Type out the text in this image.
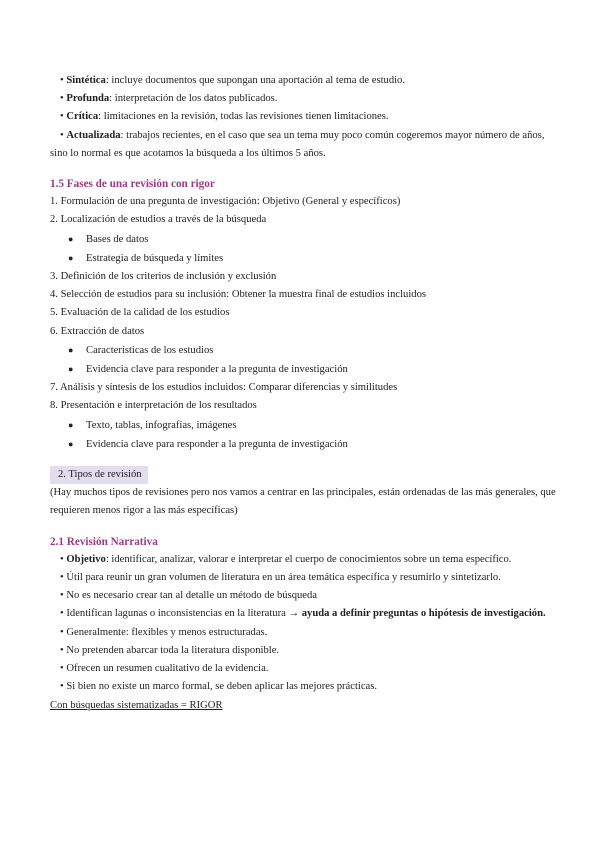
• Sintética: incluye documentos que supongan una aportación al tema de estudio.
• Profunda: interpretación de los datos publicados.
• Crítica: limitaciones en la revisión, todas las revisiones tienen limitaciones.
• Actualizada: trabajos recientes, en el caso que sea un tema muy poco común cogeremos mayor número de años, sino lo normal es que acotamos la búsqueda a los últimos 5 años.
1.5 Fases de una revisión con rigor
1. Formulación de una pregunta de investigación: Objetivo (General y específicos)
2. Localización de estudios a través de la búsqueda
● Bases de datos
● Estrategia de búsqueda y límites
3. Definición de los criterios de inclusión y exclusión
4. Selección de estudios para su inclusión: Obtener la muestra final de estudios incluidos
5. Evaluación de la calidad de los estudios
6. Extracción de datos
● Características de los estudios
● Evidencia clave para responder a la pregunta de investigación
7. Análisis y síntesis de los estudios incluidos: Comparar diferencias y similitudes
8. Presentación e interpretación de los resultados
● Texto, tablas, infografías, imágenes
● Evidencia clave para responder a la pregunta de investigación
2. Tipos de revisión
(Hay muchos tipos de revisiones pero nos vamos a centrar en las principales, están ordenadas de las más generales, que requieren menos rigor a las más específicas)
2.1 Revisión Narrativa
• Objetivo: identificar, analizar, valorar e interpretar el cuerpo de conocimientos sobre un tema específico.
• Útil para reunir un gran volumen de literatura en un área temática específica y resumirlo y sintetizarlo.
• No es necesario crear tan al detalle un método de búsqueda
• Identifican lagunas o inconsistencias en la literatura → ayuda a definir preguntas o hipótesis de investigación.
• Generalmente: flexibles y menos estructuradas.
• No pretenden abarcar toda la literatura disponible.
• Ofrecen un resumen cualitativo de la evidencia.
• Si bien no existe un marco formal, se deben aplicar las mejores prácticas.
Con búsquedas sistematizadas = RIGOR
